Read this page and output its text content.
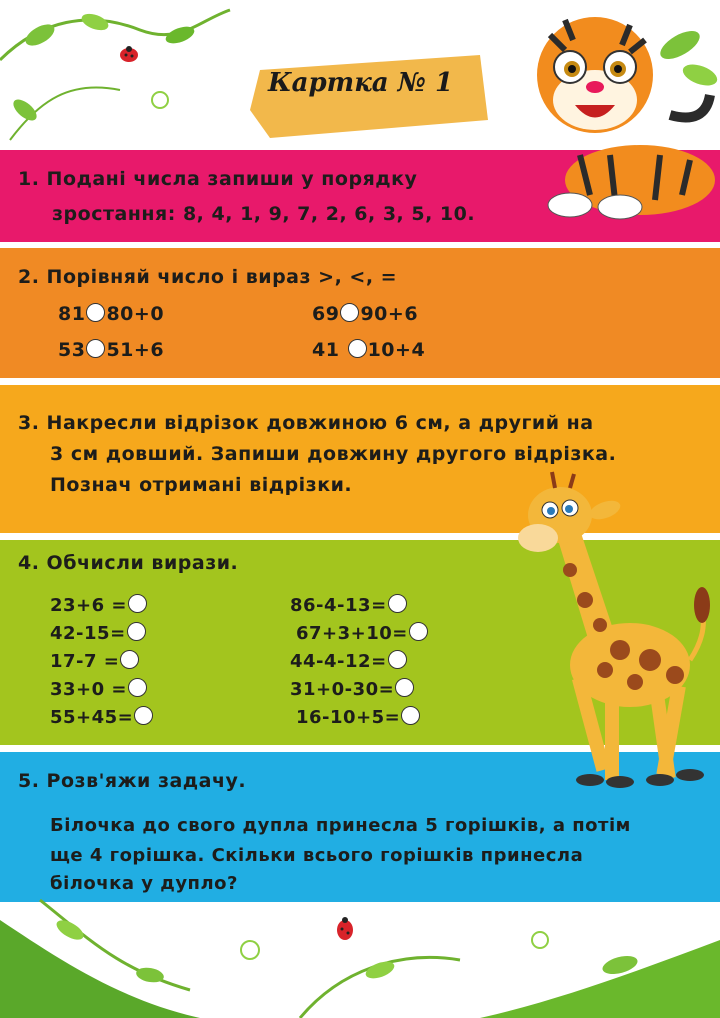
Картка № 1
1. Подані числа запиши у порядку
зростання: 8, 4, 1, 9, 7, 2, 6, 3, 5, 10.
2. Порівняй число і вираз >, <, =
81 80+0	69 90+6
53 51+6	41 10+4
3. Накресли відрізок довжиною 6 см, а другий на
3 см довший. Запиши довжину другого відрізка.
Познач отримані відрізки.
4. Обчисли вирази.
23+6 =
42-15=
17-7 =
33+0 =
55+45=
86-4-13=
67+3+10=
44-4-12=
31+0-30=
16-10+5=
5. Розв'яжи задачу.
Білочка до свого дупла принесла 5 горішків, а потім
ще 4 горішка. Скільки всього горішків принесла
білочка у дупло?
